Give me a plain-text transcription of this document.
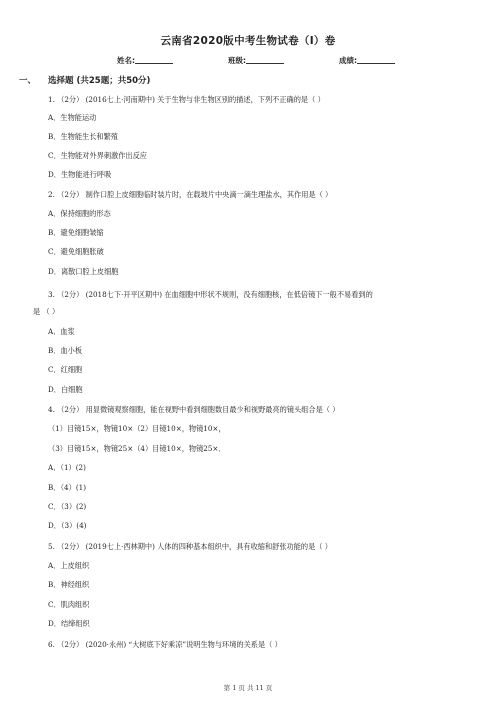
云南省2020版中考生物试卷（I）卷
姓名:	班级:	成绩:
一、 选择题 (共25题；共50分)
1. （2分） (2016七上·河南期中) 关于生物与非生物区别的描述，下列不正确的是（ ）
A．生物能运动
B．生物能生长和繁殖
C．生物能对外界刺激作出反应
D．生物能进行呼吸
2. （2分） 制作口腔上皮细胞临时装片时，在载玻片中央滴一滴生理盐水，其作用是（ ）
A．保持细胞的形态
B．避免细胞皱缩
C．避免细胞胀破
D．离散口腔上皮细胞
3. （2分） (2018七下·开平区期中) 在血细胞中形状不规则，没有细胞核，在低倍镜下一般不易看到的
是 （ ）
A．血浆
B．血小板
C．红细胞
D．白细胞
4. （2分） 用显微镜观察细胞，能在视野中看到细胞数目最少和视野最亮的镜头组合是（ ）
（1）目镜15×，物镜10×（2）目镜10×，物镜10×，
（3）目镜15×，物镜25×（4）目镜10×，物镜25×．
A．（1）(2)
B．（4）(1)
C．（3）(2)
D．（3）(4)
5. （2分） (2019七上·西林期中) 人体的四种基本组织中，具有收缩和舒张功能的是（ ）
A．上皮组织
B．神经组织
C．肌肉组织
D．结缔组织
6. （2分） (2020·永州) “大树底下好乘凉”说明生物与环境的关系是（ ）
第 1 页 共 11 页
